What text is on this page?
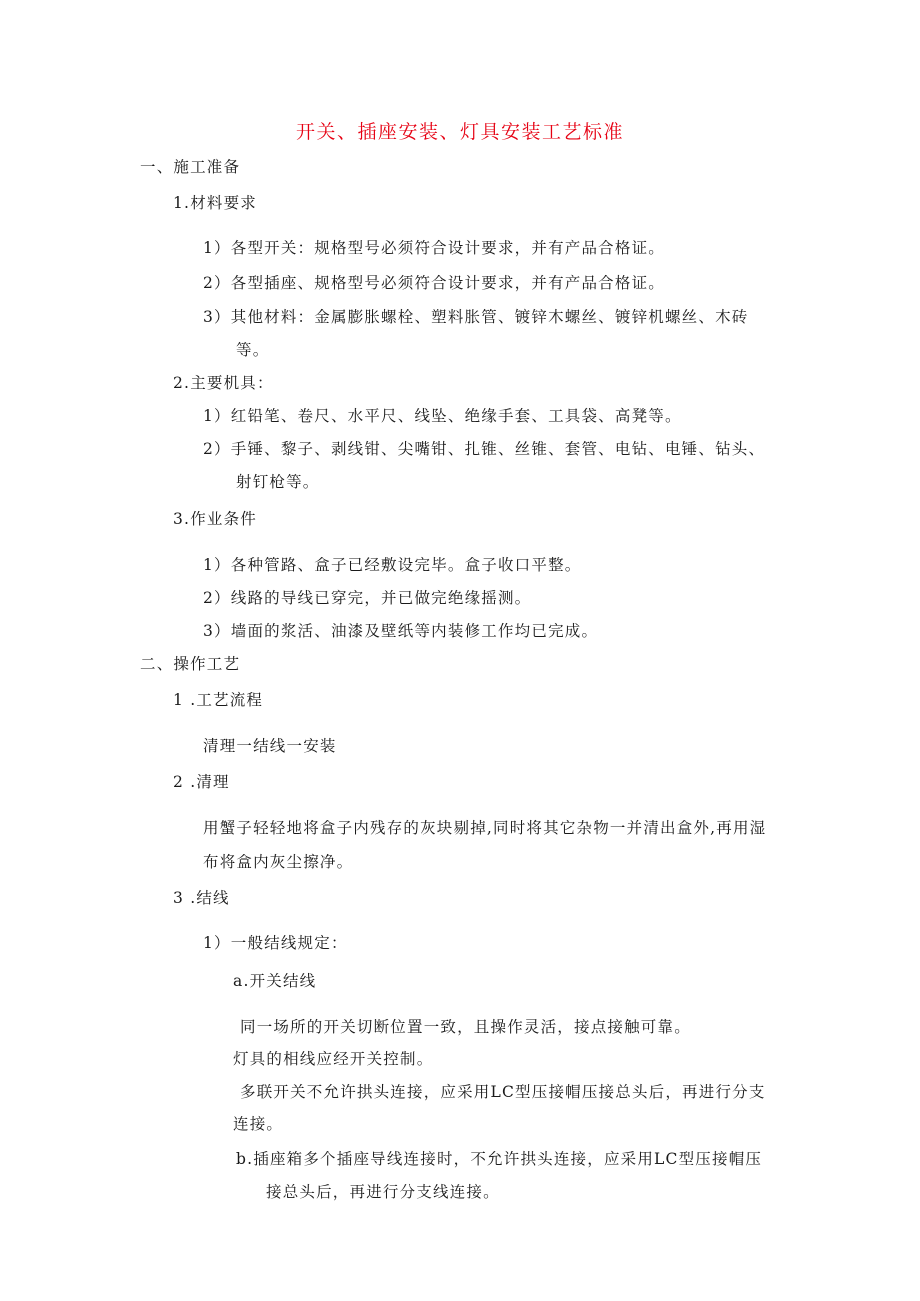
开关、插座安装、灯具安装工艺标准
一、施工准备
1.材料要求
1）各型开关：规格型号必须符合设计要求，并有产品合格证。
2）各型插座、规格型号必须符合设计要求，并有产品合格证。
3）其他材料：金属膨胀螺栓、塑料胀管、镀锌木螺丝、镀锌机螺丝、木砖
等。
2.主要机具：
1）红铅笔、卷尺、水平尺、线坠、绝缘手套、工具袋、高凳等。
2）手锤、黎子、剥线钳、尖嘴钳、扎锥、丝锥、套管、电钻、电锤、钻头、
射钉枪等。
3.作业条件
1）各种管路、盒子已经敷设完毕。盒子收口平整。
2）线路的导线已穿完，并已做完绝缘摇测。
3）墙面的浆活、油漆及壁纸等内装修工作均已完成。
二、操作工艺
1 .工艺流程
清理一结线一安装
2 .清理
用蟹子轻轻地将盒子内残存的灰块剔掉,同时将其它杂物一并清出盒外,再用湿
布将盒内灰尘擦净。
3 .结线
1）一般结线规定：
a.开关结线
同一场所的开关切断位置一致，且操作灵活，接点接触可靠。
灯具的相线应经开关控制。
多联开关不允许拱头连接，应采用LC型压接帽压接总头后，再进行分支
连接。
b.插座箱多个插座导线连接时，不允许拱头连接，应采用LC型压接帽压
接总头后，再进行分支线连接。
